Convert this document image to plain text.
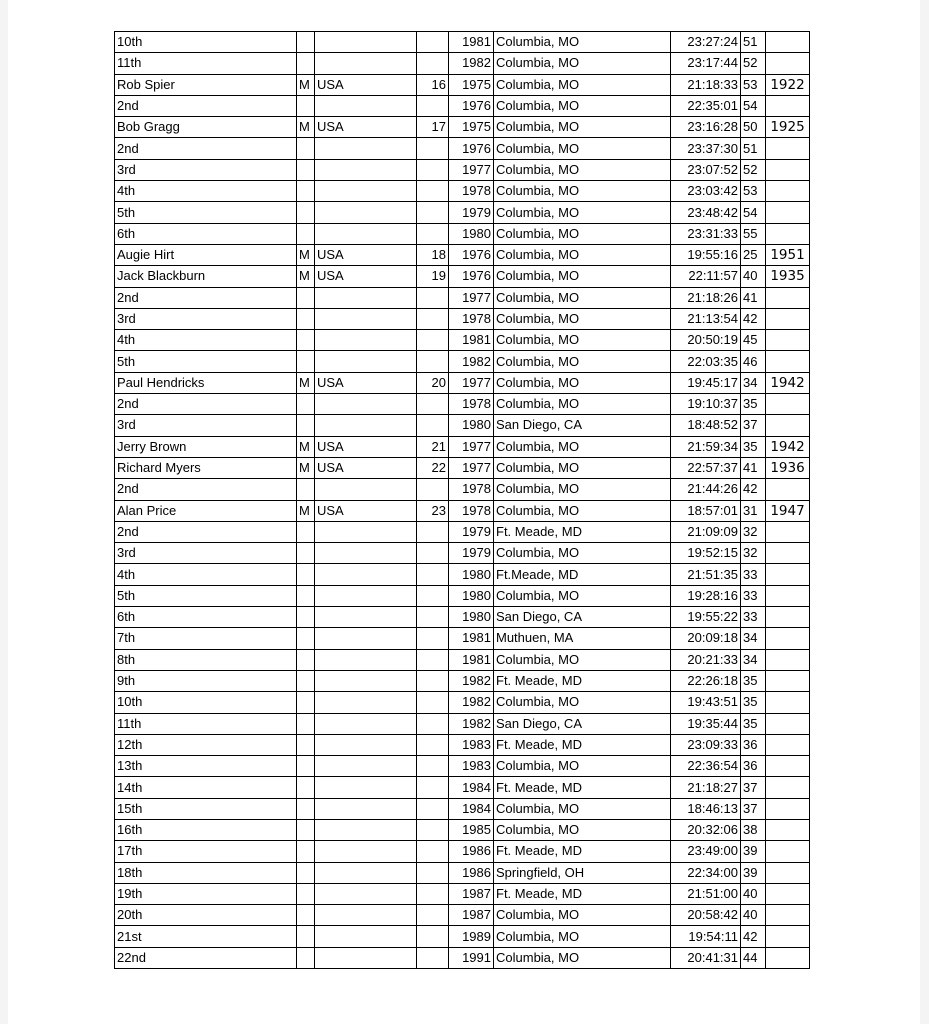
10th				1981	Columbia, MO	23:27:24	51	
11th				1982	Columbia, MO	23:17:44	52	
Rob Spier	M	USA	16	1975	Columbia, MO	21:18:33	53	1922
2nd				1976	Columbia, MO	22:35:01	54	
Bob Gragg	M	USA	17	1975	Columbia, MO	23:16:28	50	1925
2nd				1976	Columbia, MO	23:37:30	51	
3rd				1977	Columbia, MO	23:07:52	52	
4th				1978	Columbia, MO	23:03:42	53	
5th				1979	Columbia, MO	23:48:42	54	
6th				1980	Columbia, MO	23:31:33	55	
Augie Hirt	M	USA	18	1976	Columbia, MO	19:55:16	25	1951
Jack Blackburn	M	USA	19	1976	Columbia, MO	22:11:57	40	1935
2nd				1977	Columbia, MO	21:18:26	41	
3rd				1978	Columbia, MO	21:13:54	42	
4th				1981	Columbia, MO	20:50:19	45	
5th				1982	Columbia, MO	22:03:35	46	
Paul Hendricks	M	USA	20	1977	Columbia, MO	19:45:17	34	1942
2nd				1978	Columbia, MO	19:10:37	35	
3rd				1980	San Diego, CA	18:48:52	37	
Jerry Brown	M	USA	21	1977	Columbia, MO	21:59:34	35	1942
Richard Myers	M	USA	22	1977	Columbia, MO	22:57:37	41	1936
2nd				1978	Columbia, MO	21:44:26	42	
Alan Price	M	USA	23	1978	Columbia, MO	18:57:01	31	1947
2nd				1979	Ft. Meade, MD	21:09:09	32	
3rd				1979	Columbia, MO	19:52:15	32	
4th				1980	Ft.Meade, MD	21:51:35	33	
5th				1980	Columbia, MO	19:28:16	33	
6th				1980	San Diego, CA	19:55:22	33	
7th				1981	Muthuen, MA	20:09:18	34	
8th				1981	Columbia, MO	20:21:33	34	
9th				1982	Ft. Meade, MD	22:26:18	35	
10th				1982	Columbia, MO	19:43:51	35	
11th				1982	San Diego, CA	19:35:44	35	
12th				1983	Ft. Meade, MD	23:09:33	36	
13th				1983	Columbia, MO	22:36:54	36	
14th				1984	Ft. Meade, MD	21:18:27	37	
15th				1984	Columbia, MO	18:46:13	37	
16th				1985	Columbia, MO	20:32:06	38	
17th				1986	Ft. Meade, MD	23:49:00	39	
18th				1986	Springfield, OH	22:34:00	39	
19th				1987	Ft. Meade, MD	21:51:00	40	
20th				1987	Columbia, MO	20:58:42	40	
21st				1989	Columbia, MO	19:54:11	42	
22nd				1991	Columbia, MO	20:41:31	44	
